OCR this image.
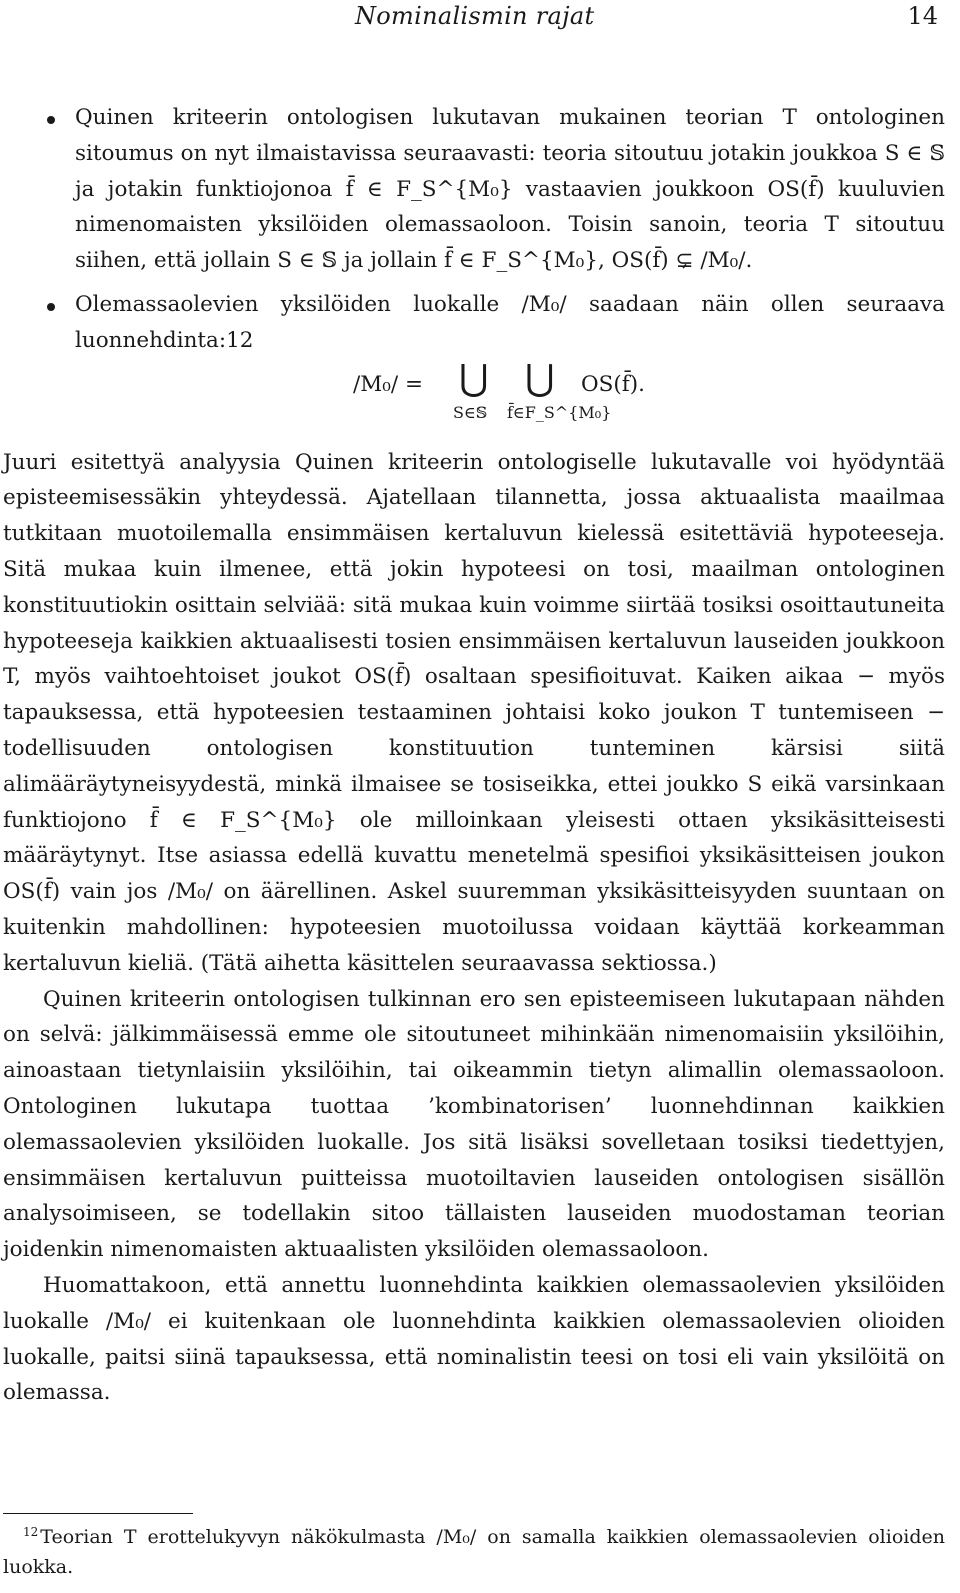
Nominalismin rajat	14
Quinen kriteerin ontologisen lukutavan mukainen teorian T ontologinen sitoumus on nyt ilmaistavissa seuraavasti: teoria sitoutuu jotakin joukkoa S ∈ 𝕊 ja jotakin funktiojonoa f̄ ∈ F_S^{M₀} vastaavien joukkoon OS(f̄) kuuluvien nimenomaisten yksilöiden olemassaoloon. Toisin sanoin, teoria T sitoutuu siihen, että jollain S ∈ 𝕊 ja jollain f̄ ∈ F_S^{M₀}, OS(f̄) ⊊ /M₀/.
Olemassaolevien yksilöiden luokalle /M₀/ saadaan näin ollen seuraava luonnehdinta:12
/M₀/ = ⋃ ⋃
S∈𝕊 f̄∈F_S^{M₀}
OS(f̄).

Juuri esitettyä analyysia Quinen kriteerin ontologiselle lukutavalle voi hyödyntää episteemisessäkin yhteydessä. Ajatellaan tilannetta, jossa aktuaalista maailmaa tutkitaan muotoilemalla ensimmäisen kertaluvun kielessä esitettäviä hypoteeseja. Sitä mukaa kuin ilmenee, että jokin hypoteesi on tosi, maailman ontologinen konstituutiokin osittain selviää: sitä mukaa kuin voimme siirtää tosiksi osoittautuneita hypoteeseja kaikkien aktuaalisesti tosien ensimmäisen kertaluvun lauseiden joukkoon T, myös vaihtoehtoiset joukot OS(f̄) osaltaan spesifioituvat. Kaiken aikaa − myös tapauksessa, että hypoteesien testaaminen johtaisi koko joukon T tuntemiseen − todellisuuden ontologisen konstituution tunteminen kärsisi siitä alimääräytyneisyydestä, minkä ilmaisee se tosiseikka, ettei joukko S eikä varsinkaan funktiojono f̄ ∈ F_S^{M₀} ole milloinkaan yleisesti ottaen yksikäsitteisesti määräytynyt. Itse asiassa edellä kuvattu menetelmä spesifioi yksikäsitteisen joukon OS(f̄) vain jos /M₀/ on äärellinen. Askel suuremman yksikäsitteisyyden suuntaan on kuitenkin mahdollinen: hypoteesien muotoilussa voidaan käyttää korkeamman kertaluvun kieliä. (Tätä aihetta käsittelen seuraavassa sektiossa.)

Quinen kriteerin ontologisen tulkinnan ero sen episteemiseen lukutapaan nähden on selvä: jälkimmäisessä emme ole sitoutuneet mihinkään nimenomaisiin yksilöihin, ainoastaan tietynlaisiin yksilöihin, tai oikeammin tietyn alimallin olemassaoloon. Ontologinen lukutapa tuottaa ’kombinatorisen’ luonnehdinnan kaikkien olemassaolevien yksilöiden luokalle. Jos sitä lisäksi sovelletaan tosiksi tiedettyjen, ensimmäisen kertaluvun puitteissa muotoiltavien lauseiden ontologisen sisällön analysoimiseen, se todellakin sitoo tällaisten lauseiden muodostaman teorian joidenkin nimenomaisten aktuaalisten yksilöiden olemassaoloon.

Huomattakoon, että annettu luonnehdinta kaikkien olemassaolevien yksilöiden luokalle /M₀/ ei kuitenkaan ole luonnehdinta kaikkien olemassaolevien olioiden luokalle, paitsi siinä tapauksessa, että nominalistin teesi on tosi eli vain yksilöitä on olemassa.

$^{12}$ Teorian T erottelukyvyn näkökulmasta /M₀/ on samalla kaikkien olemassaolevien olioiden luokka.
